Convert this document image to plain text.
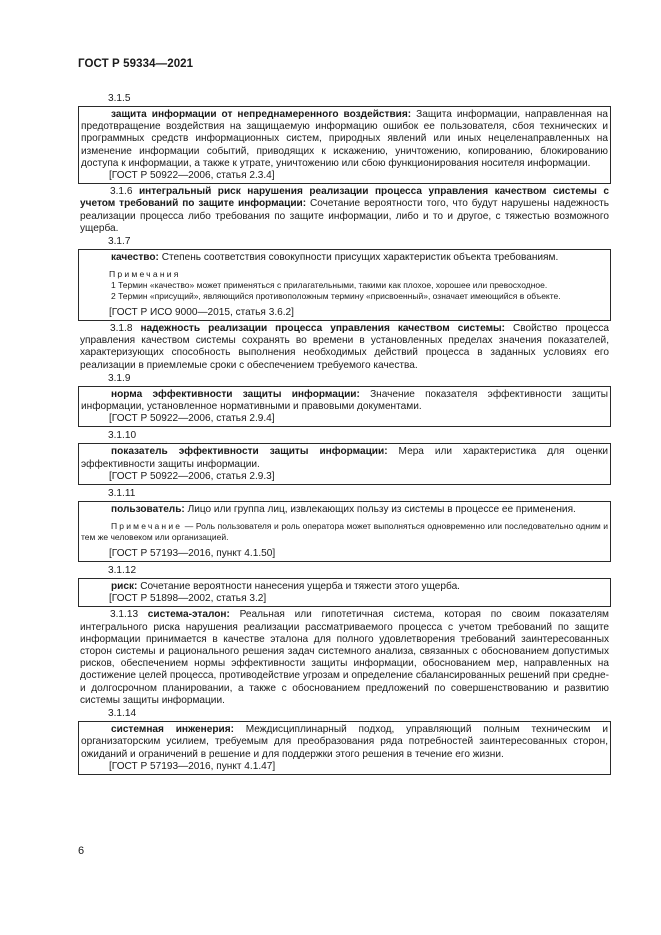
ГОСТ Р 59334—2021
3.1.5

защита информации от непреднамеренного воздействия: Защита информации, направленная на предотвращение воздействия на защищаемую информацию ошибок ее пользователя, сбоя технических и программных средств информационных систем, природных явлений или иных нецеленаправленных на изменение информации событий, приводящих к искажению, уничтожению, копированию, блокированию доступа к информации, а также к утрате, уничтожению или сбою функционирования носителя информации.

[ГОСТ Р 50922—2006, статья 2.3.4]

3.1.6 интегральный риск нарушения реализации процесса управления качеством системы с учетом требований по защите информации: Сочетание вероятности того, что будут нарушены надежность реализации процесса либо требования по защите информации, либо и то и другое, с тяжестью возможного ущерба.

3.1.7

качество: Степень соответствия совокупности присущих характеристик объекта требованиям.

Примечания
1 Термин «качество» может применяться с прилагательными, такими как плохое, хорошее или превосходное.
2 Термин «присущий», являющийся противоположным термину «присвоенный», означает имеющийся в объекте.
[ГОСТ Р ИСО 9000—2015, статья 3.6.2]

3.1.8 надежность реализации процесса управления качеством системы: Свойство процесса управления качеством системы сохранять во времени в установленных пределах значения показателей, характеризующих способность выполнения необходимых действий процесса в заданных условиях его реализации в приемлемые сроки с обеспечением требуемого качества.

3.1.9

норма эффективности защиты информации: Значение показателя эффективности защиты информации, установленное нормативными и правовыми документами.

[ГОСТ Р 50922—2006, статья 2.9.4]
3.1.10

показатель эффективности защиты информации: Мера или характеристика для оценки эффективности защиты информации.

[ГОСТ Р 50922—2006, статья 2.9.3]
3.1.11

пользователь: Лицо или группа лиц, извлекающих пользу из системы в процессе ее применения.

Примечание — Роль пользователя и роль оператора может выполняться одновременно или последовательно одним и тем же человеком или организацией.
[ГОСТ Р 57193—2016, пункт 4.1.50]
3.1.12

риск: Сочетание вероятности нанесения ущерба и тяжести этого ущерба.

[ГОСТ Р 51898—2002, статья 3.2]

3.1.13 система-эталон: Реальная или гипотетичная система, которая по своим показателям интегрального риска нарушения реализации рассматриваемого процесса с учетом требований по защите информации принимается в качестве эталона для полного удовлетворения требований заинтересованных сторон системы и рационального решения задач системного анализа, связанных с обоснованием допустимых рисков, обеспечением нормы эффективности защиты информации, обоснованием мер, направленных на достижение целей процесса, противодействие угрозам и определение сбалансированных решений при средне- и долгосрочном планировании, а также с обоснованием предложений по совершенствованию и развитию системы защиты информации.

3.1.14

системная инженерия: Междисциплинарный подход, управляющий полным техническим и организаторским усилием, требуемым для преобразования ряда потребностей заинтересованных сторон, ожиданий и ограничений в решение и для поддержки этого решения в течение его жизни.

[ГОСТ Р 57193—2016, пункт 4.1.47]
6
